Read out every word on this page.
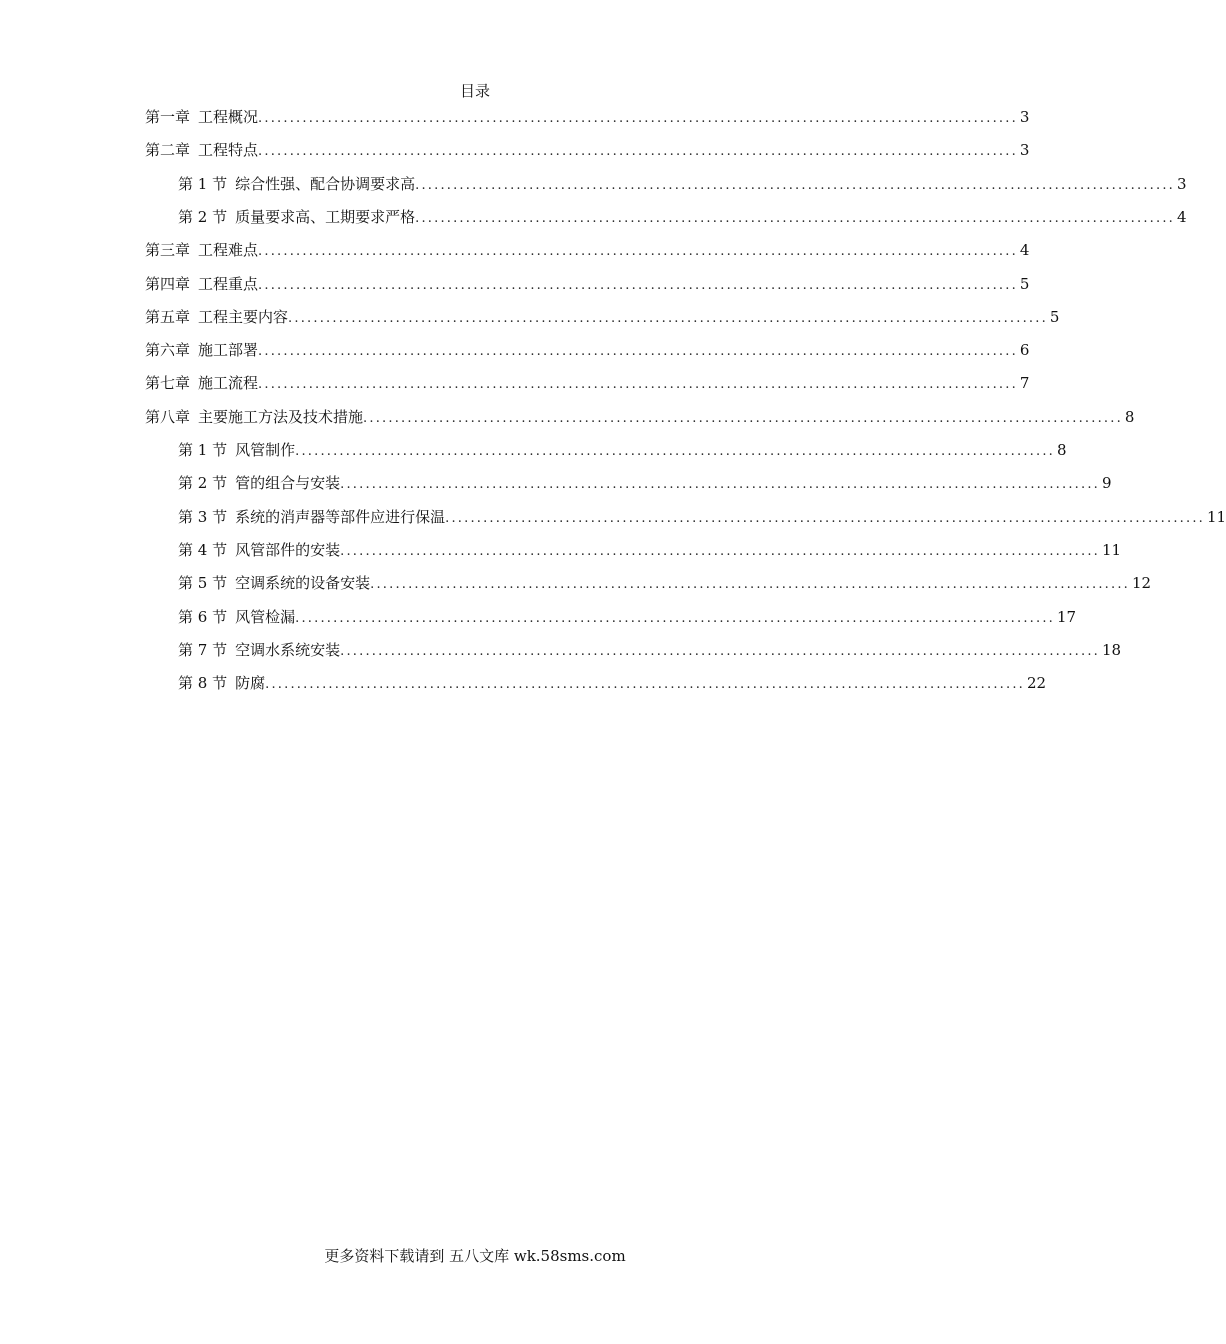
目录
第一章 工程概况 ........................................................................................................................ 3
第二章 工程特点 ........................................................................................................................ 3
第 1 节 综合性强、配合协调要求高 ........................................................................................................................ 3
第 2 节 质量要求高、工期要求严格 ........................................................................................................................ 4
第三章 工程难点 ........................................................................................................................ 4
第四章 工程重点 ........................................................................................................................ 5
第五章 工程主要内容 ........................................................................................................................ 5
第六章 施工部署 ........................................................................................................................ 6
第七章 施工流程 ........................................................................................................................ 7
第八章 主要施工方法及技术措施 ........................................................................................................................ 8
第 1 节 风管制作 ........................................................................................................................ 8
第 2 节 管的组合与安装 ........................................................................................................................ 9
第 3 节 系统的消声器等部件应进行保温 ........................................................................................................................ 11
第 4 节 风管部件的安装 ........................................................................................................................ 11
第 5 节 空调系统的设备安装 ........................................................................................................................ 12
第 6 节 风管检漏 ........................................................................................................................ 17
第 7 节 空调水系统安装 ........................................................................................................................ 18
第 8 节 防腐 ........................................................................................................................ 22
更多资料下载请到 五八文库 wk.58sms.com
